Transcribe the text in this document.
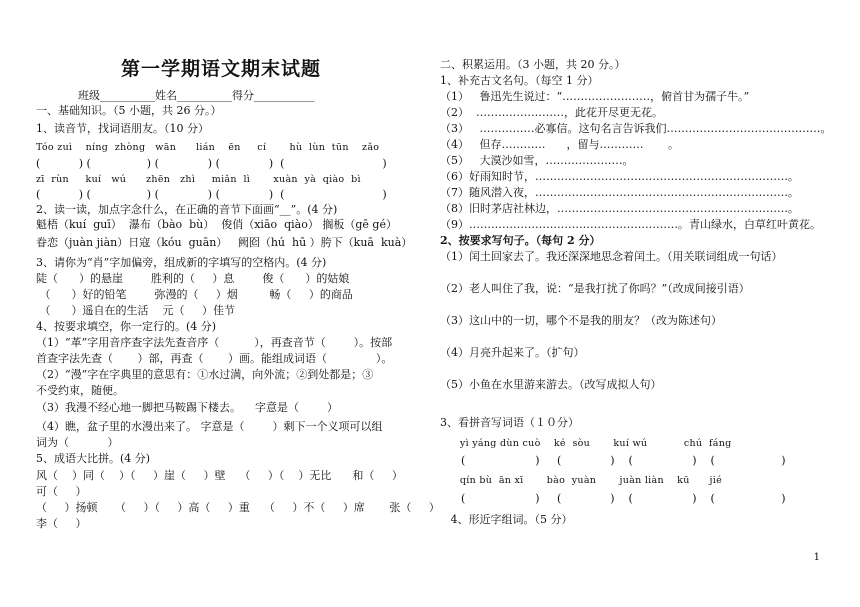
第一学期语文期末试题
班级__________姓名__________得分___________
一、基础知识。（5 小题，共 26 分。）
1、读音节，找词语朋友。（10 分）
Tóo zuì    níng  zhòng   wān      lián    ēn     cí       hù  lùn  tūn    zǎo
(           ) (                ) (              ) (              )  (                            )
zī  rùn     kuí   wú      zhēn   zhì     miǎn  lì       xuàn  yà  qiào  bì
(           ) (                ) (              ) (              )  (                            )
2、读一读，加点字念什么，在正确的音节下面画“__”。(4 分)
魁梧（kuí  guī）  瀑布（bào  bù）  俊俏（xiāo  qiào） 搁板（gē gé）
眷恋（juàn jiàn）日寇（kóu  guān）   阙囵（hú  hū ）胯下（kuā  kuà）
3、请你为“肖”字加偏旁，组成新的字填写的空格内。(4 分)
陡（      ）的悬崖        胜利的（     ）息        俊（      ）的姑娘
（      ）好的铅笔        弥漫的（     ）烟         畅（     ）的商品
（      ）遥自在的生活    元（     ）佳节
4、按要求填空，你一定行的。(4 分)
（1）“革”字用音序查字法先查音序（          ），再查音节（        ）。按部
首查字法先查（       ）部，再查（       ）画。能组成词语（              ）。
（2）“漫”字在字典里的意思有：①水过满，向外流；②到处都是；③
不受约束，随便。
（3）我漫不经心地一脚把马鞍踢下楼去。    字意是（        ）
（4）瞧，盆子里的水漫出来了。 字意是（        ）剩下一个义项可以组
词为（           ）
5、成语大比拼。(4 分)
风（    ）同（    ）（     ）崖（     ）壁    （     ）（    ）无比      和（     ）
可（     ）
（     ）扬顿     （     ）（     ）高（     ）重    （     ）不（     ）席       张（     ）
李（     ）
二、积累运用。（3 小题，共 20 分。）
1、补充古文名句。（每空 1 分）
（1）   鲁迅先生说过：“……………………，俯首甘为孺子牛。”
（2）  ……………………，此花开尽更无花。
（3）   ……………必寡信。这句名言告诉我们……………………………………。
（4）   但存…………      ，留与…………       。
（5）   大漠沙如雪，…………………。
（6）好雨知时节，……………………………………………………………。
（7）随风潜入夜，……………………………………………………………。
（8）旧时茅店社林边，………………………………………………………。
（9）…………………………………………………。青山绿水，白草红叶黄花。
2、按要求写句子。（每句 2 分）
（1）闰土回家去了。我还深深地思念着闰土。（用关联词组成一句话）
（2）老人叫住了我，说：“是我打扰了你吗？”（改成间接引语）
（3）这山中的一切，哪个不是我的朋友？（改为陈述句）
（4）月亮升起来了。（扩句）
（5）小鱼在水里游来游去。（改写成拟人句）
3、看拼音写词语（１０分）
yì yáng dùn cuò    ké  sòu       kuí wú           chú  fáng
(                    )     (              )    (                 )    (                   )
qín bù  ān xī       bào  yuàn       juàn liàn    kū      jié
(                    )     (              )    (                 )    (                   )
4、形近字组词。（5 分）
1
